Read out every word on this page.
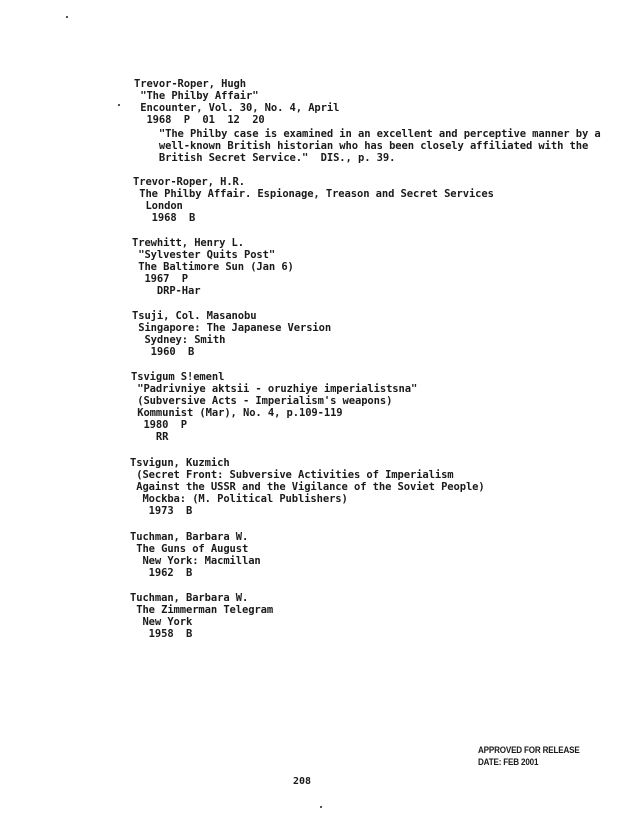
Trevor-Roper, Hugh
"The Philby Affair"
Encounter, Vol. 30, No. 4, April
1968  P  01  12  20
"The Philby case is examined in an excellent and perceptive manner by a
well-known British historian who has been closely affiliated with the
British Secret Service."  DIS., p. 39.
Trevor-Roper, H.R.
The Philby Affair. Espionage, Treason and Secret Services
London
1968  B
Trewhitt, Henry L.
"Sylvester Quits Post"
The Baltimore Sun (Jan 6)
1967  P
DRP-Har
Tsuji, Col. Masanobu
Singapore: The Japanese Version
Sydney: Smith
1960  B
Tsvigum S!emenl
"Padrivniye aktsii - oruzhiye imperialistsna"
(Subversive Acts - Imperialism's weapons)
Kommunist (Mar), No. 4, p.109-119
1980  P
RR
Tsvigun, Kuzmich
(Secret Front: Subversive Activities of Imperialism
Against the USSR and the Vigilance of the Soviet People)
Mockba: (M. Political Publishers)
1973  B
Tuchman, Barbara W.
The Guns of August
New York: Macmillan
1962  B
Tuchman, Barbara W.
The Zimmerman Telegram
New York
1958  B
APPROVED FOR RELEASE
DATE: FEB 2001
208
